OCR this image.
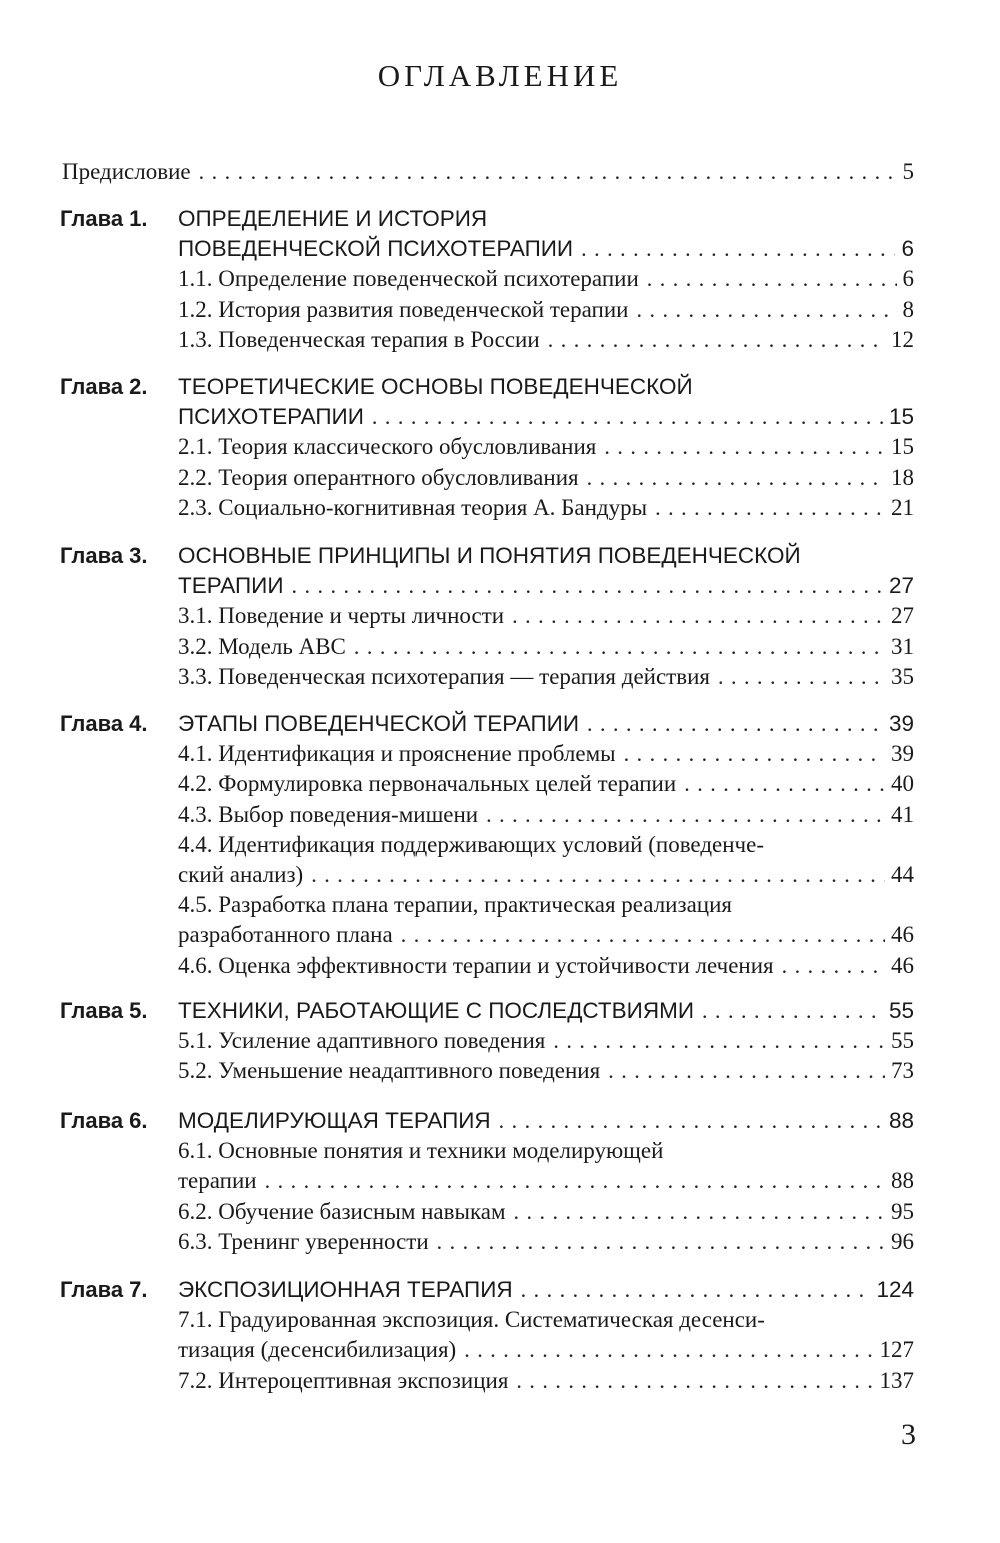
ОГЛАВЛЕНИЕ
Предисловие . . .	5
Глава 1.	ОПРЕДЕЛЕНИЕ И ИСТОРИЯ
ПОВЕДЕНЧЕСКОЙ ПСИХОТЕРАПИИ . . .	6
1.1. Определение поведенческой психотерапии . . .	6
1.2. История развития поведенческой терапии . . .	8
1.3. Поведенческая терапия в России . . .	12
Глава 2.	ТЕОРЕТИЧЕСКИЕ ОСНОВЫ ПОВЕДЕНЧЕСКОЙ
ПСИХОТЕРАПИИ . . .	15
2.1. Теория классического обусловливания . . .	15
2.2. Теория оперантного обусловливания . . .	18
2.3. Социально-когнитивная теория А. Бандуры . . .	21
Глава 3.	ОСНОВНЫЕ ПРИНЦИПЫ И ПОНЯТИЯ ПОВЕДЕНЧЕСКОЙ
ТЕРАПИИ . . .	27
3.1. Поведение и черты личности . . .	27
3.2. Модель АВС . . .	31
3.3. Поведенческая психотерапия — терапия действия . . .	35
Глава 4.	ЭТАПЫ ПОВЕДЕНЧЕСКОЙ ТЕРАПИИ . . .	39
4.1. Идентификация и прояснение проблемы . . .	39
4.2. Формулировка первоначальных целей терапии . . .	40
4.3. Выбор поведения-мишени . . .	41
4.4. Идентификация поддерживающих условий (поведенче-
ский анализ) . . .	44
4.5. Разработка плана терапии, практическая реализация
разработанного плана . . .	46
4.6. Оценка эффективности терапии и устойчивости лечения . . .	46
Глава 5.	ТЕХНИКИ, РАБОТАЮЩИЕ С ПОСЛЕДСТВИЯМИ . . .	55
5.1. Усиление адаптивного поведения . . .	55
5.2. Уменьшение неадаптивного поведения . . .	73
Глава 6.	МОДЕЛИРУЮЩАЯ ТЕРАПИЯ . . .	88
6.1. Основные понятия и техники моделирующей
терапии . . .	88
6.2. Обучение базисным навыкам . . .	95
6.3. Тренинг уверенности . . .	96
Глава 7.	ЭКСПОЗИЦИОННАЯ ТЕРАПИЯ . . .	124
7.1. Градуированная экспозиция. Систематическая десенси-
тизация (десенсибилизация) . . .	127
7.2. Интероцептивная экспозиция . . .	137
3
